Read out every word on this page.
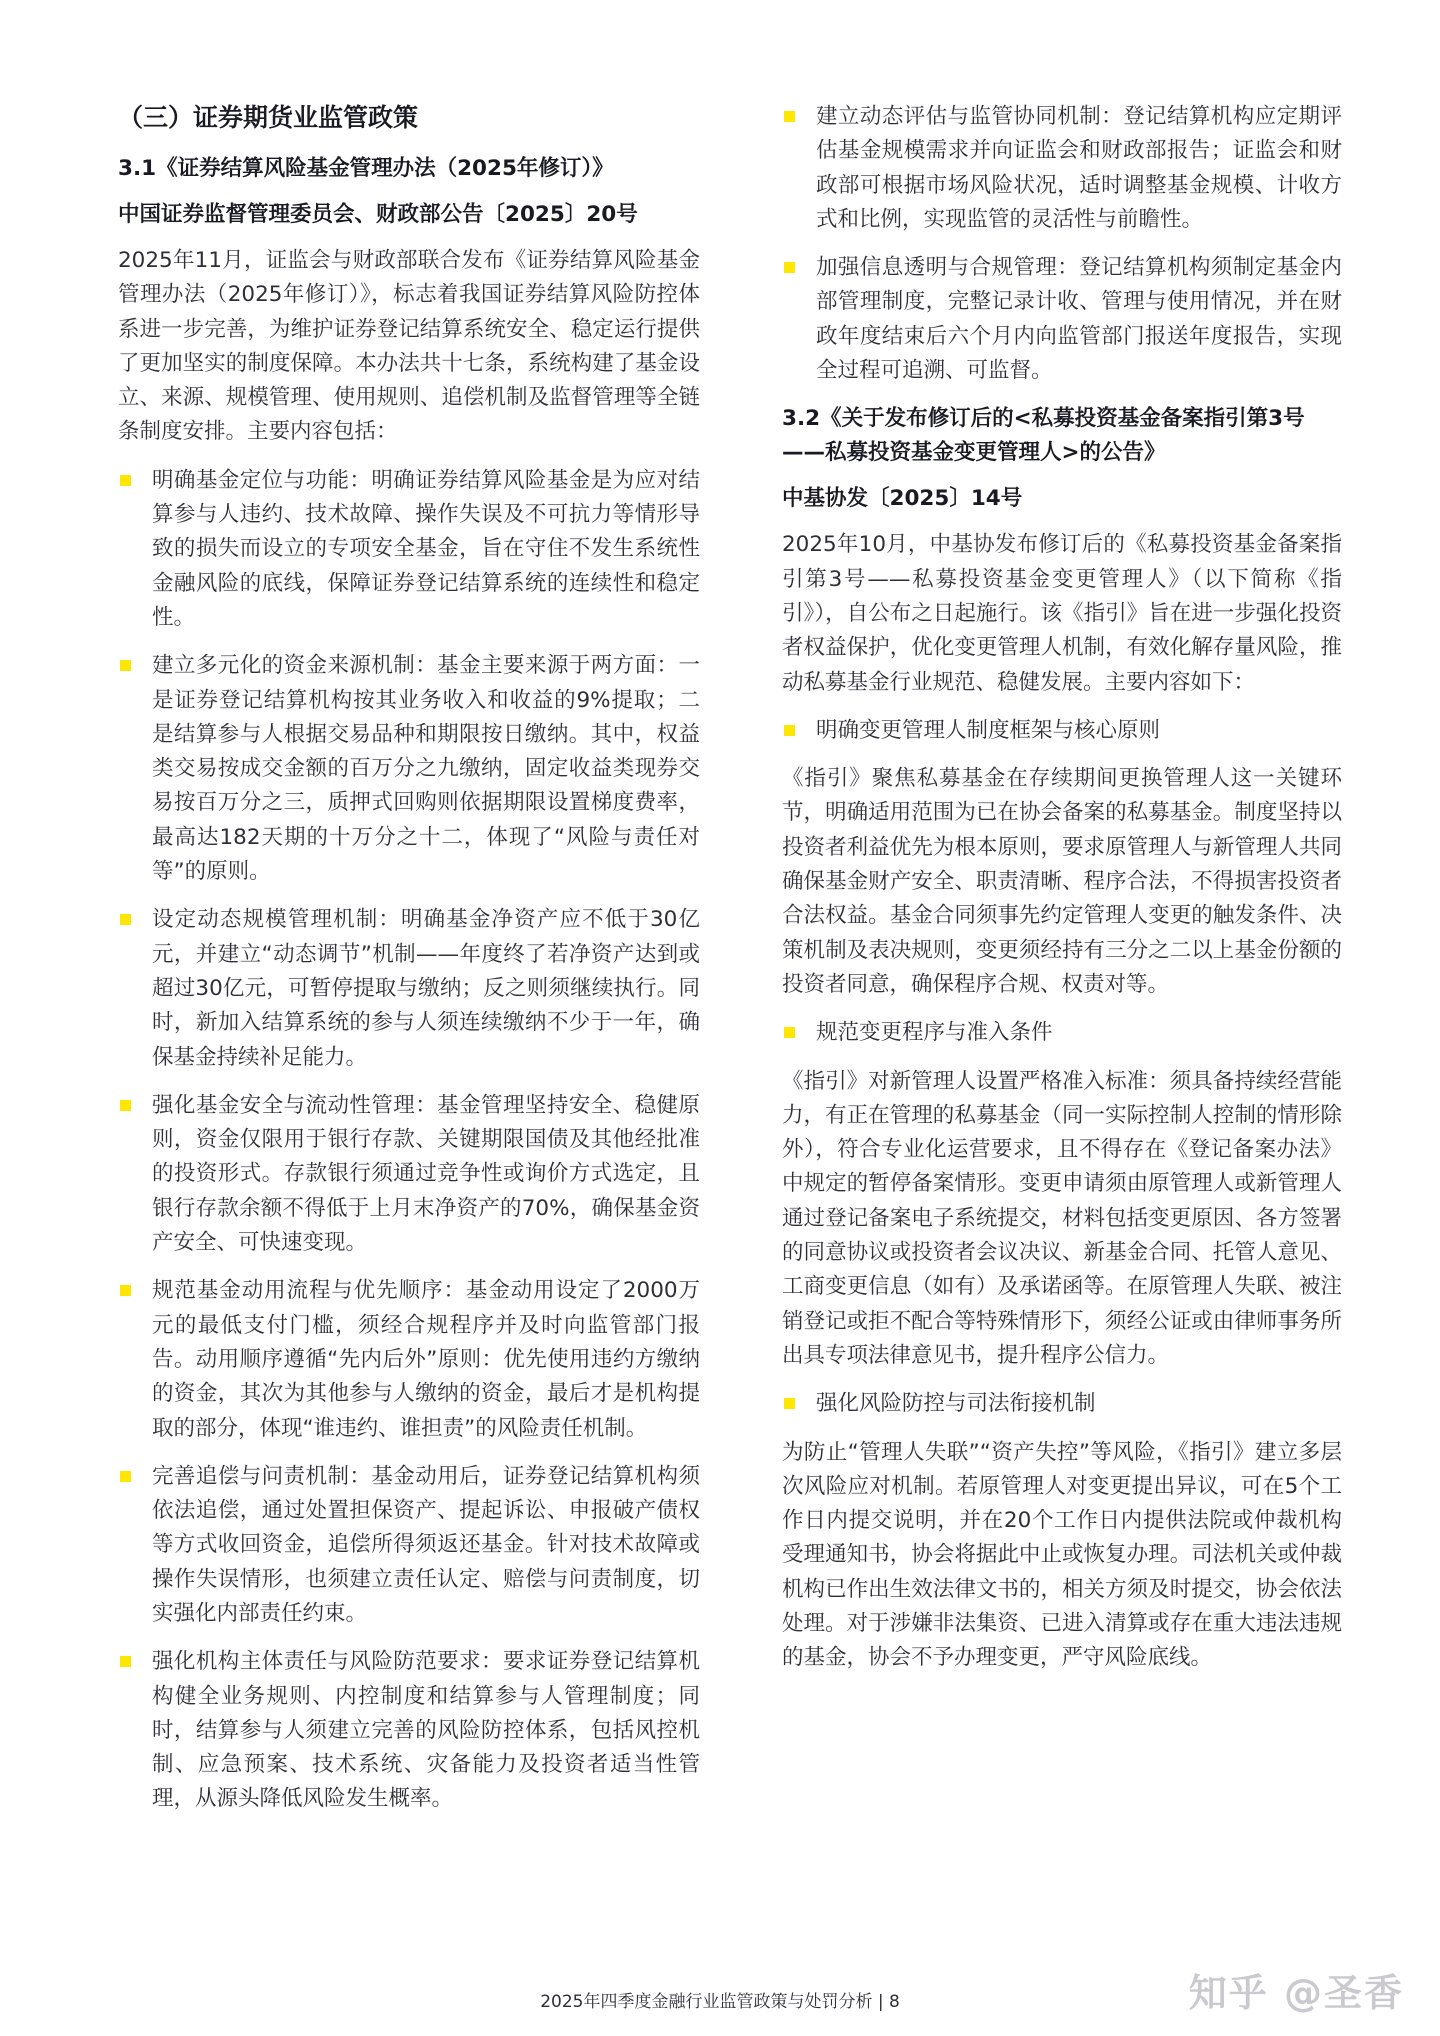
（三）证券期货业监管政策
3.1《证券结算风险基金管理办法（2025年修订）》
中国证券监督管理委员会、财政部公告〔2025〕20号
2025年11月，证监会与财政部联合发布《证券结算风险基金管理办法（2025年修订）》，标志着我国证券结算风险防控体系进一步完善，为维护证券登记结算系统安全、稳定运行提供了更加坚实的制度保障。本办法共十七条，系统构建了基金设立、来源、规模管理、使用规则、追偿机制及监督管理等全链条制度安排。主要内容包括：
明确基金定位与功能：明确证券结算风险基金是为应对结算参与人违约、技术故障、操作失误及不可抗力等情形导致的损失而设立的专项安全基金，旨在守住不发生系统性金融风险的底线，保障证券登记结算系统的连续性和稳定性。
建立多元化的资金来源机制：基金主要来源于两方面：一是证券登记结算机构按其业务收入和收益的9%提取；二是结算参与人根据交易品种和期限按日缴纳。其中，权益类交易按成交金额的百万分之九缴纳，固定收益类现券交易按百万分之三，质押式回购则依据期限设置梯度费率，最高达182天期的十万分之十二，体现了“风险与责任对等”的原则。
设定动态规模管理机制：明确基金净资产应不低于30亿元，并建立“动态调节”机制——年度终了若净资产达到或超过30亿元，可暂停提取与缴纳；反之则须继续执行。同时，新加入结算系统的参与人须连续缴纳不少于一年，确保基金持续补足能力。
强化基金安全与流动性管理：基金管理坚持安全、稳健原则，资金仅限用于银行存款、关键期限国债及其他经批准的投资形式。存款银行须通过竞争性或询价方式选定，且银行存款余额不得低于上月末净资产的70%，确保基金资产安全、可快速变现。
规范基金动用流程与优先顺序：基金动用设定了2000万元的最低支付门槛，须经合规程序并及时向监管部门报告。动用顺序遵循“先内后外”原则：优先使用违约方缴纳的资金，其次为其他参与人缴纳的资金，最后才是机构提取的部分，体现“谁违约、谁担责”的风险责任机制。
完善追偿与问责机制：基金动用后，证券登记结算机构须依法追偿，通过处置担保资产、提起诉讼、申报破产债权等方式收回资金，追偿所得须返还基金。针对技术故障或操作失误情形，也须建立责任认定、赔偿与问责制度，切实强化内部责任约束。
强化机构主体责任与风险防范要求：要求证券登记结算机构健全业务规则、内控制度和结算参与人管理制度；同时，结算参与人须建立完善的风险防控体系，包括风控机制、应急预案、技术系统、灾备能力及投资者适当性管理，从源头降低风险发生概率。
建立动态评估与监管协同机制：登记结算机构应定期评估基金规模需求并向证监会和财政部报告；证监会和财政部可根据市场风险状况，适时调整基金规模、计收方式和比例，实现监管的灵活性与前瞻性。
加强信息透明与合规管理：登记结算机构须制定基金内部管理制度，完整记录计收、管理与使用情况，并在财政年度结束后六个月内向监管部门报送年度报告，实现全过程可追溯、可监督。
3.2《关于发布修订后的<私募投资基金备案指引第3号——私募投资基金变更管理人>的公告》
中基协发〔2025〕14号
2025年10月，中基协发布修订后的《私募投资基金备案指引第3号——私募投资基金变更管理人》（以下简称《指引》），自公布之日起施行。该《指引》旨在进一步强化投资者权益保护，优化变更管理人机制，有效化解存量风险，推动私募基金行业规范、稳健发展。主要内容如下：
明确变更管理人制度框架与核心原则
《指引》聚焦私募基金在存续期间更换管理人这一关键环节，明确适用范围为已在协会备案的私募基金。制度坚持以投资者利益优先为根本原则，要求原管理人与新管理人共同确保基金财产安全、职责清晰、程序合法，不得损害投资者合法权益。基金合同须事先约定管理人变更的触发条件、决策机制及表决规则，变更须经持有三分之二以上基金份额的投资者同意，确保程序合规、权责对等。
规范变更程序与准入条件
《指引》对新管理人设置严格准入标准：须具备持续经营能力，有正在管理的私募基金（同一实际控制人控制的情形除外），符合专业化运营要求，且不得存在《登记备案办法》中规定的暂停备案情形。变更申请须由原管理人或新管理人通过登记备案电子系统提交，材料包括变更原因、各方签署的同意协议或投资者会议决议、新基金合同、托管人意见、工商变更信息（如有）及承诺函等。在原管理人失联、被注销登记或拒不配合等特殊情形下，须经公证或由律师事务所出具专项法律意见书，提升程序公信力。
强化风险防控与司法衔接机制
为防止“管理人失联”“资产失控”等风险，《指引》建立多层次风险应对机制。若原管理人对变更提出异议，可在5个工作日内提交说明，并在20个工作日内提供法院或仲裁机构受理通知书，协会将据此中止或恢复办理。司法机关或仲裁机构已作出生效法律文书的，相关方须及时提交，协会依法处理。对于涉嫌非法集资、已进入清算或存在重大违法违规的基金，协会不予办理变更，严守风险底线。
2025年四季度金融行业监管政策与处罚分析 | 8	知乎 @圣香
